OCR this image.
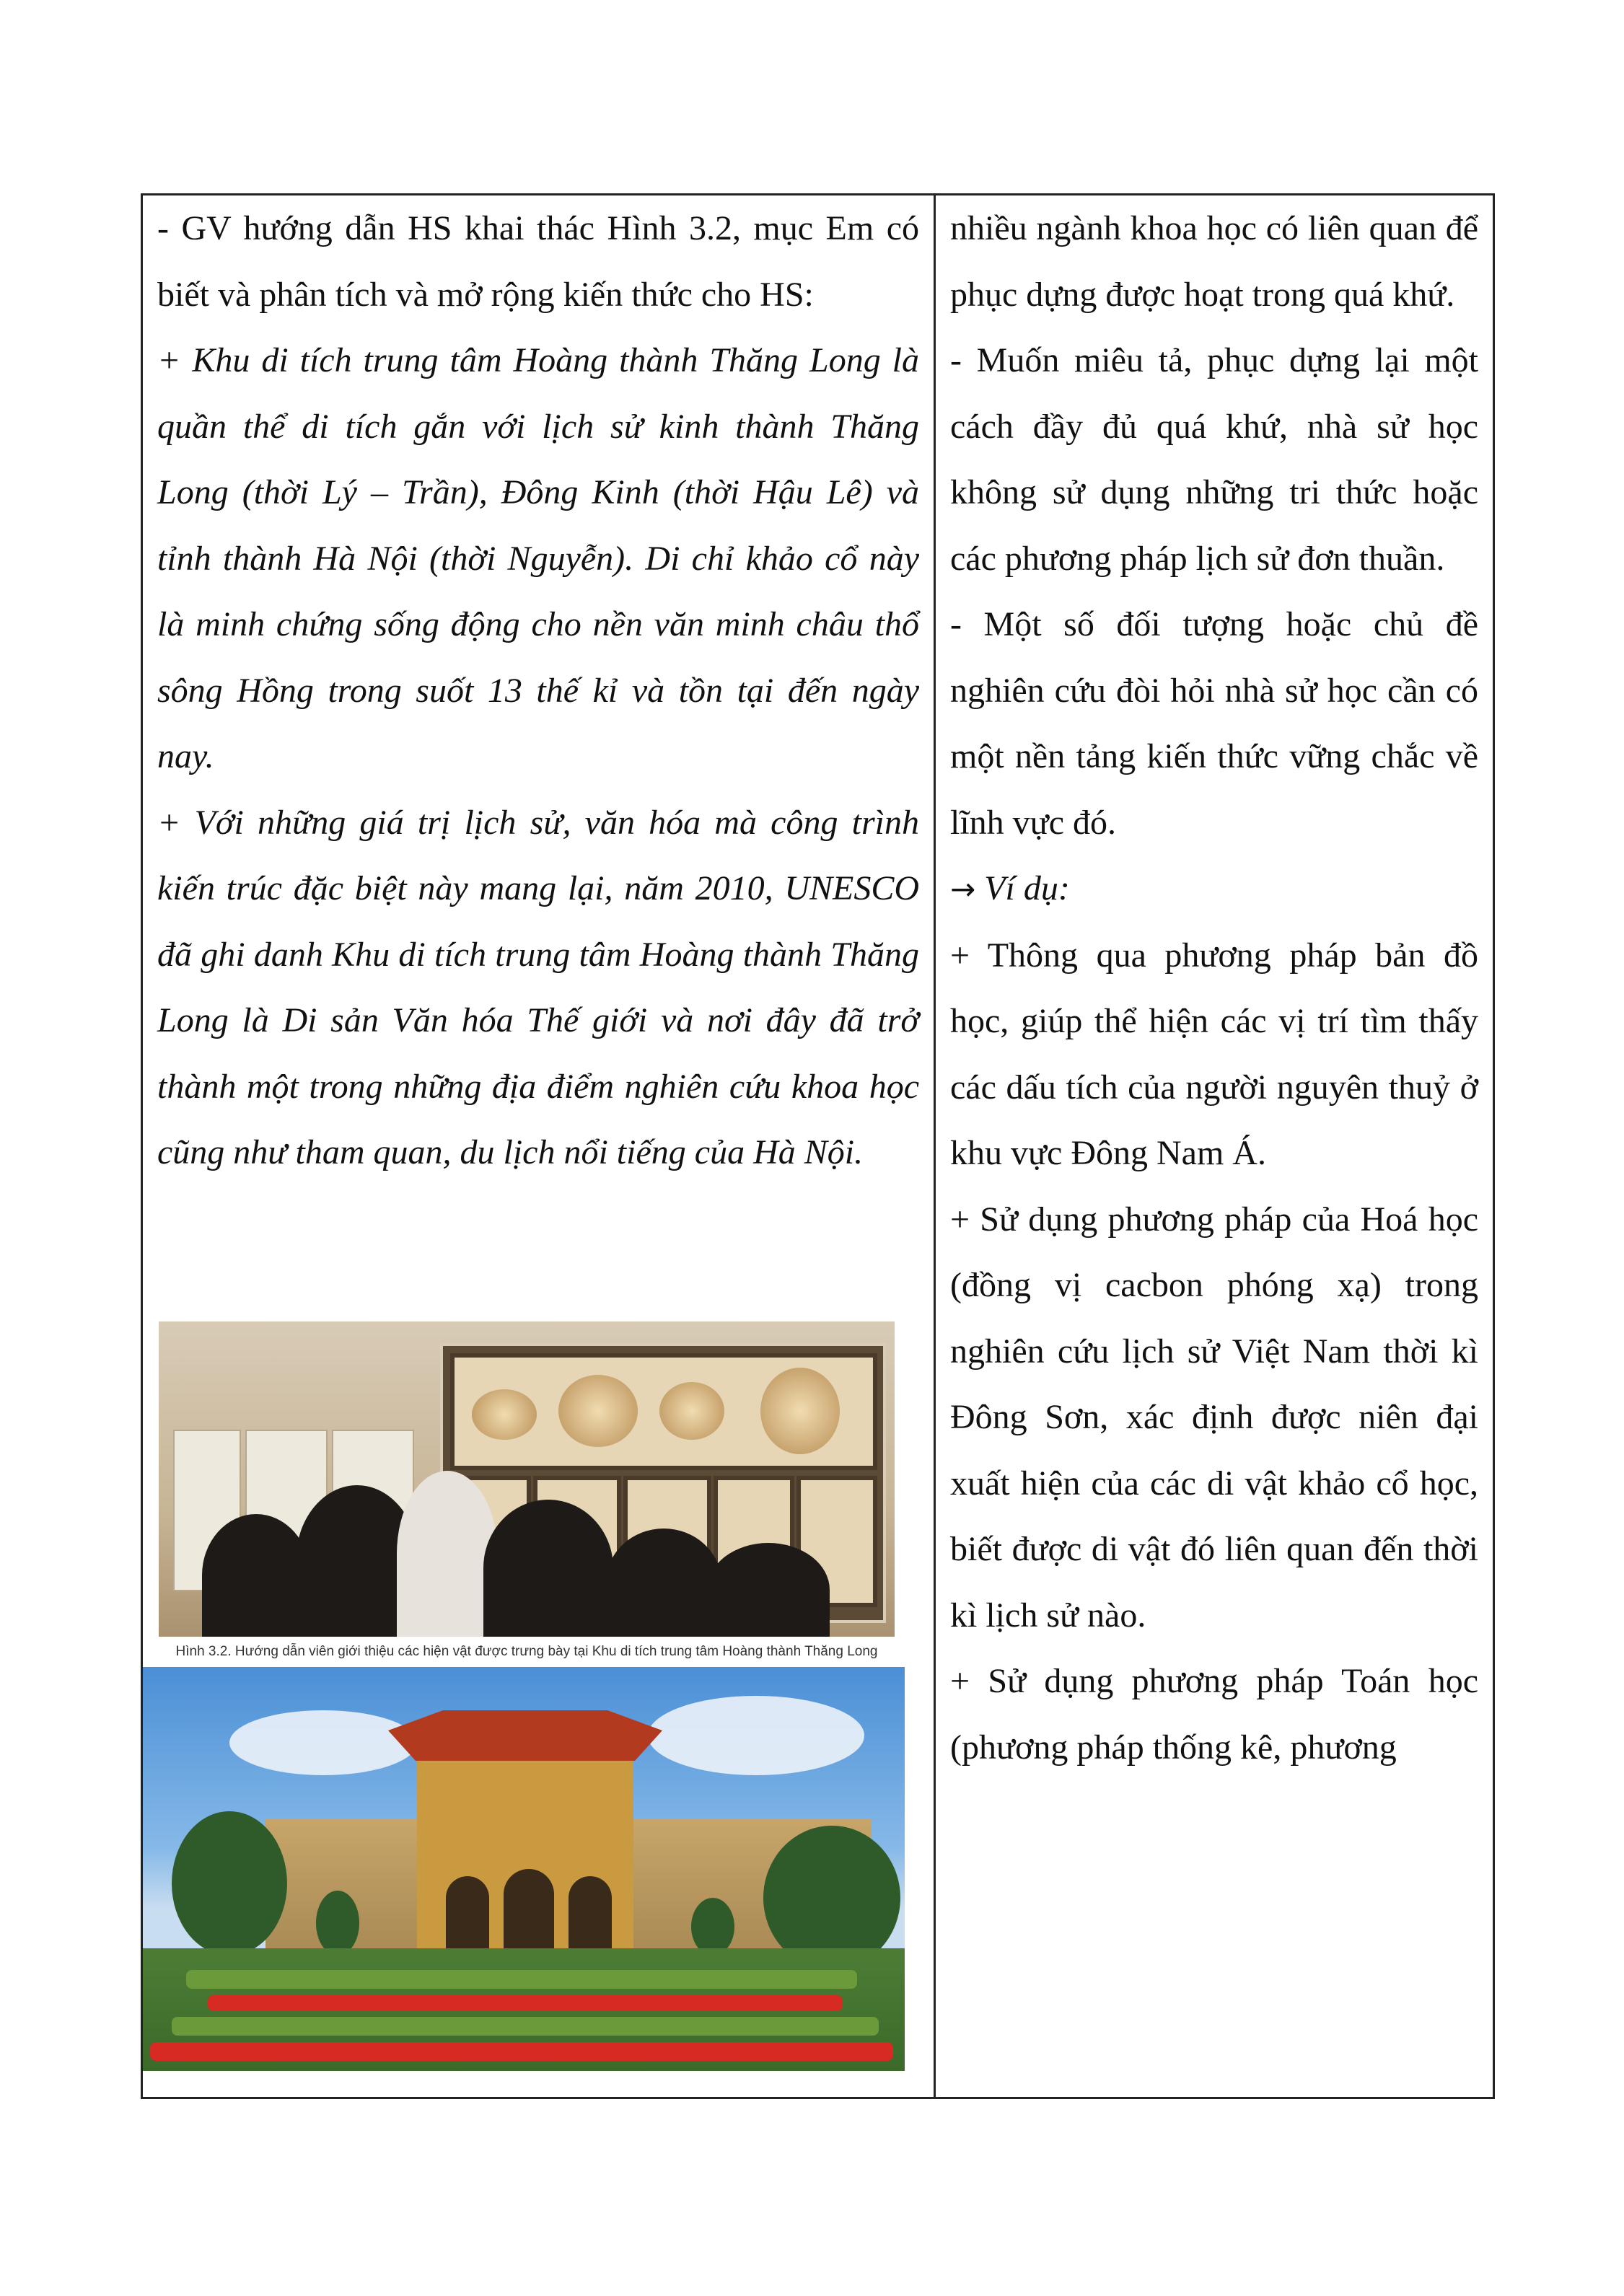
- GV hướng dẫn HS khai thác Hình 3.2, mục Em có biết và phân tích và mở rộng kiến thức cho HS:

+ Khu di tích trung tâm Hoàng thành Thăng Long là quần thể di tích gắn với lịch sử kinh thành Thăng Long (thời Lý – Trần), Đông Kinh (thời Hậu Lê) và tỉnh thành Hà Nội (thời Nguyễn). Di chỉ khảo cổ này là minh chứng sống động cho nền văn minh châu thổ sông Hồng trong suốt 13 thế kỉ và tồn tại đến ngày nay.

+ Với những giá trị lịch sử, văn hóa mà công trình kiến trúc đặc biệt này mang lại, năm 2010, UNESCO đã ghi danh Khu di tích trung tâm Hoàng thành Thăng Long là Di sản Văn hóa Thế giới và nơi đây đã trở thành một trong những địa điểm nghiên cứu khoa học cũng như tham quan, du lịch nổi tiếng của Hà Nội.

Hình 3.2. Hướng dẫn viên giới thiệu các hiện vật được trưng bày tại Khu di tích trung tâm Hoàng thành Thăng Long

nhiều ngành khoa học có liên quan để phục dựng được hoạt trong quá khứ.

- Muốn miêu tả, phục dựng lại một cách đầy đủ quá khứ, nhà sử học không sử dụng những tri thức hoặc các phương pháp lịch sử đơn thuần.

- Một số đối tượng hoặc chủ đề nghiên cứu đòi hỏi nhà sử học cần có một nền tảng kiến thức vững chắc về lĩnh vực đó.

→ Ví dụ:

+ Thông qua phương pháp bản đồ học, giúp thể hiện các vị trí tìm thấy các dấu tích của người nguyên thuỷ ở khu vực Đông Nam Á.

+ Sử dụng phương pháp của Hoá học (đồng vị cacbon phóng xạ) trong nghiên cứu lịch sử Việt Nam thời kì Đông Sơn, xác định được niên đại xuất hiện của các di vật khảo cổ học, biết được di vật đó liên quan đến thời kì lịch sử nào.

+ Sử dụng phương pháp Toán học (phương pháp thống kê, phương
